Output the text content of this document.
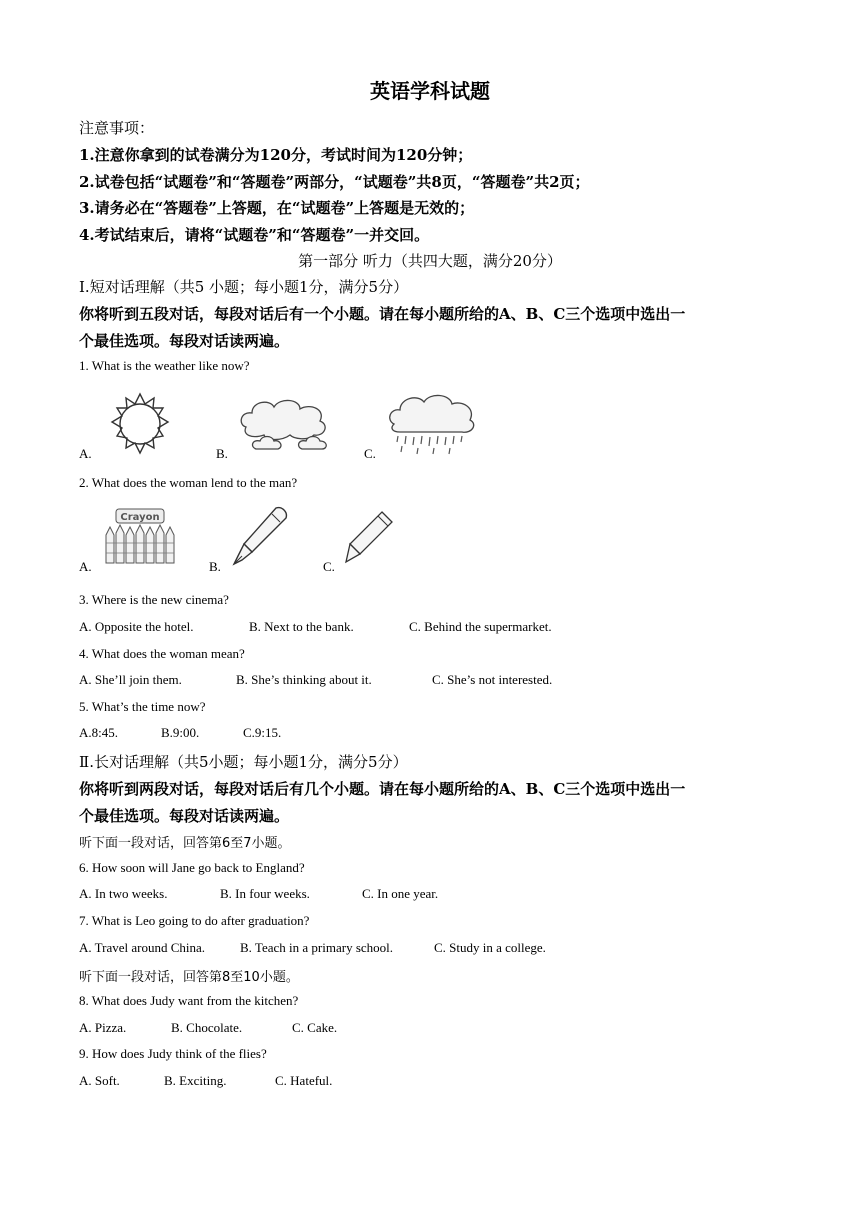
英语学科试题
注意事项：
1.注意你拿到的试卷满分为120分，考试时间为120分钟；
2.试卷包括“试题卷”和“答题卷”两部分，“试题卷”共8页，“答题卷”共2页；
3.请务必在“答题卷”上答题，在“试题卷”上答题是无效的；
4.考试结束后，请将“试题卷”和“答题卷”一并交回。
第一部分 听力（共四大题，满分20分）
Ⅰ.短对话理解（共5 小题；每小题1分，满分5分）
你将听到五段对话，每段对话后有一个小题。请在每小题所给的A、B、C三个选项中选出一
个最佳选项。每段对话读两遍。
1. What is the weather like now?
A.	B.	C.
2. What does the woman lend to the man?
A.
Crayon
B.	C.
3. Where is the new cinema?
A. Opposite the hotel.	B. Next to the bank.	C. Behind the supermarket.
4. What does the woman mean?
A. She’ll join them.	B. She’s thinking about it.	C. She’s not interested.
5. What’s the time now?
A.8:45.	B.9:00.	C.9:15.
Ⅱ.长对话理解（共5小题；每小题1分，满分5分）
你将听到两段对话，每段对话后有几个小题。请在每小题所给的A、B、C三个选项中选出一
个最佳选项。每段对话读两遍。
听下面一段对话，回答第6至7小题。
6. How soon will Jane go back to England?
A. In two weeks.	B. In four weeks.	C. In one year.
7. What is Leo going to do after graduation?
A. Travel around China.	B. Teach in a primary school.	C. Study in a college.
听下面一段对话，回答第8至10小题。
8. What does Judy want from the kitchen?
A. Pizza.	B. Chocolate.	C. Cake.
9. How does Judy think of the flies?
A. Soft.	B. Exciting.	C. Hateful.
